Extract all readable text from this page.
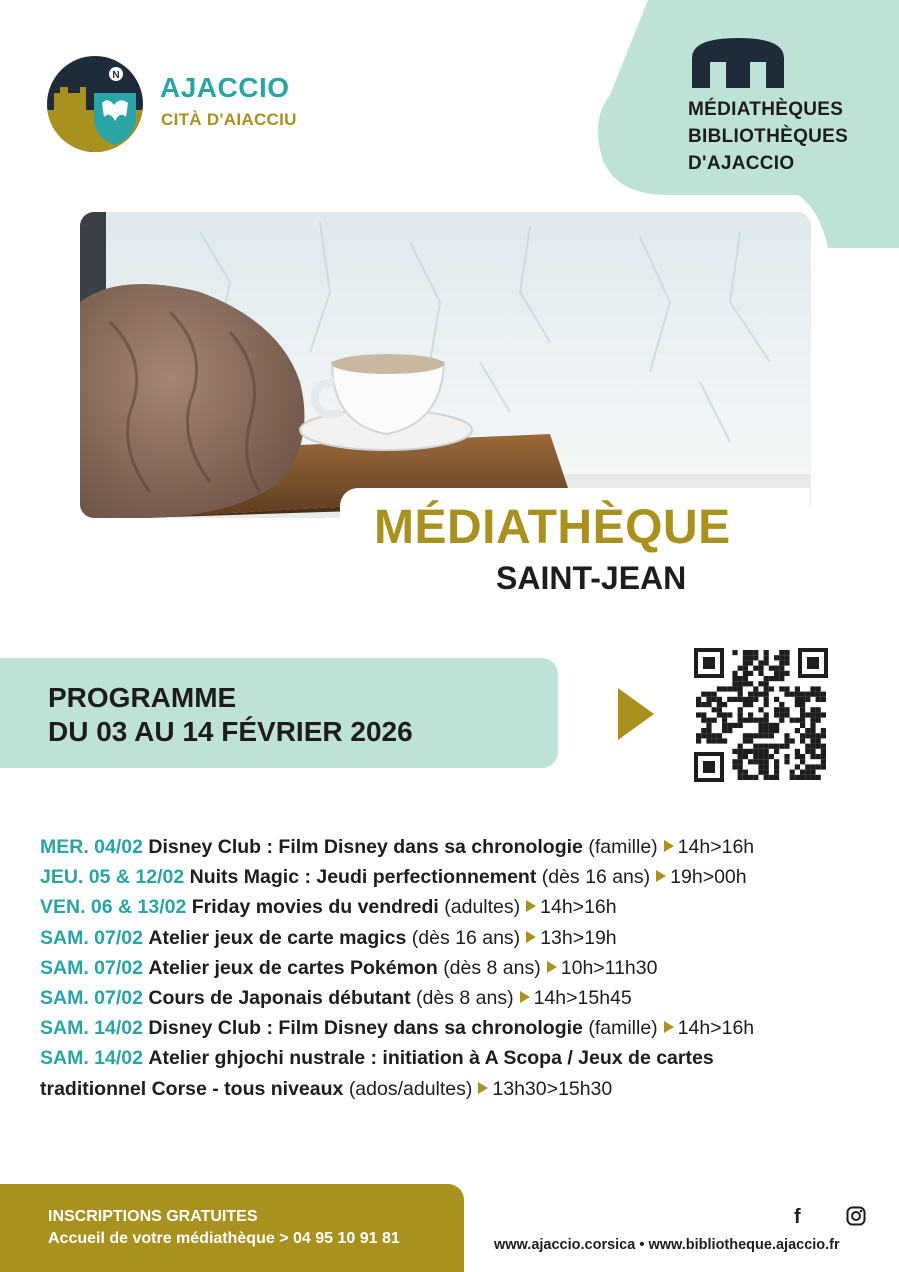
MÉDIATHÈQUES
BIBLIOTHÈQUES
D'AJACCIO
N AJACCIO
CITÀ D'AIACCIU
MÉDIATHÈQUE
SAINT-JEAN
PROGRAMME
DU 03 AU 14 FÉVRIER 2026
MER. 04/02 Disney Club : Film Disney dans sa chronologie (famille) 14h>16h
JEU. 05 & 12/02 Nuits Magic : Jeudi perfectionnement (dès 16 ans) 19h>00h
VEN. 06 & 13/02 Friday movies du vendredi (adultes) 14h>16h
SAM. 07/02 Atelier jeux de carte magics (dès 16 ans) 13h>19h
SAM. 07/02 Atelier jeux de cartes Pokémon (dès 8 ans) 10h>11h30
SAM. 07/02 Cours de Japonais débutant (dès 8 ans) 14h>15h45
SAM. 14/02 Disney Club : Film Disney dans sa chronologie (famille) 14h>16h
SAM. 14/02 Atelier ghjochi nustrale : initiation à A Scopa / Jeux de cartes
traditionnel Corse - tous niveaux (ados/adultes) 13h30>15h30
INSCRIPTIONS GRATUITES
Accueil de votre médiathèque > 04 95 10 91 81
f
www.ajaccio.corsica • www.bibliotheque.ajaccio.fr
